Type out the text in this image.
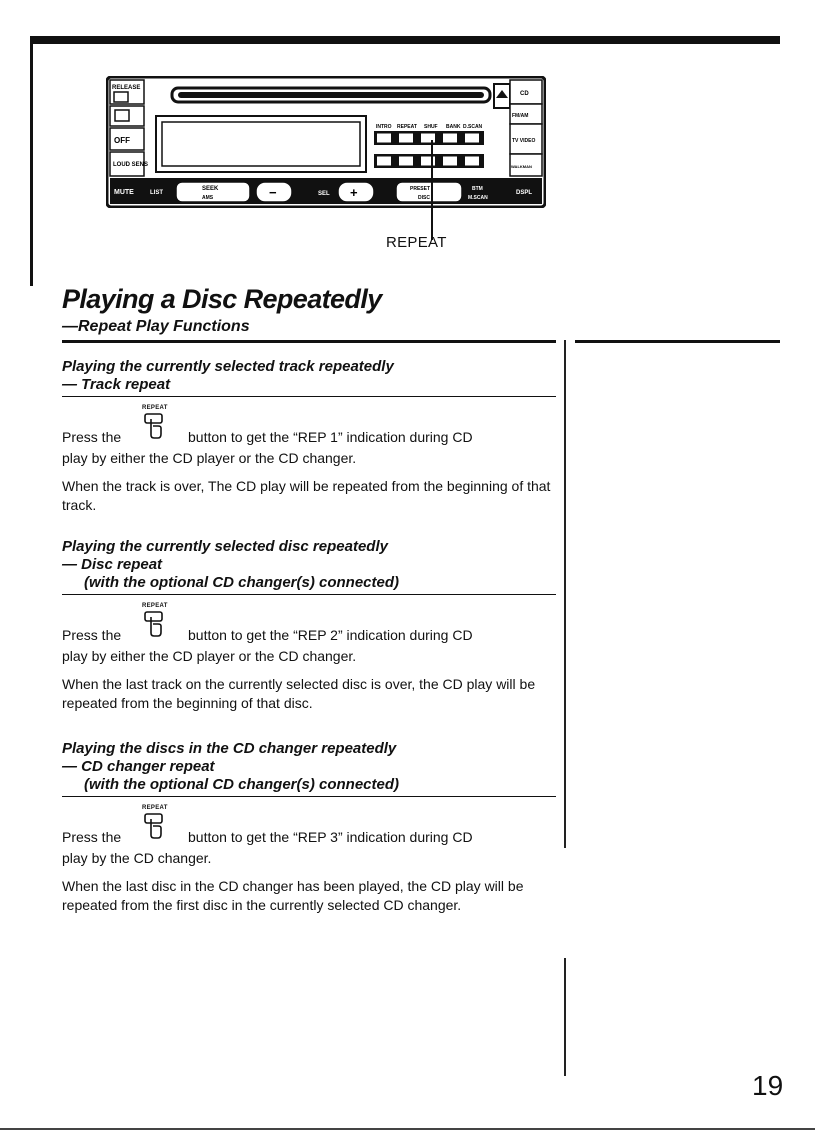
RELEASE
OFF
LOUD SENS
MUTE
INTRO REPEAT SHUF BANK D.SCAN
LIST
SEEK
AMS	−	SEL +	PRESET
DISC
BTM
M.SCAN
CD
FM/AM
TV VIDEO
WALKMAN
DSPL
REPEAT
Playing a Disc Repeatedly
—Repeat Play Functions
Playing the currently selected track repeatedly
— Track repeat
REPEAT
Press the	button to get the “REP 1” indication during CD

play by either the CD player or the CD changer.

When the track is over, The CD play will be repeated from the beginning of that track.

Playing the currently selected disc repeatedly
— Disc repeat
(with the optional CD changer(s) connected)
REPEAT
Press the	button to get the “REP 2” indication during CD

play by either the CD player or the CD changer.

When the last track on the currently selected disc is over, the CD play will be repeated from the beginning of that disc.

Playing the discs in the CD changer repeatedly
— CD changer repeat
(with the optional CD changer(s) connected)
REPEAT
Press the	button to get the “REP 3” indication during CD

play by the CD changer.

When the last disc in the CD changer has been played, the CD play will be repeated from the first disc in the currently selected CD changer.

19
